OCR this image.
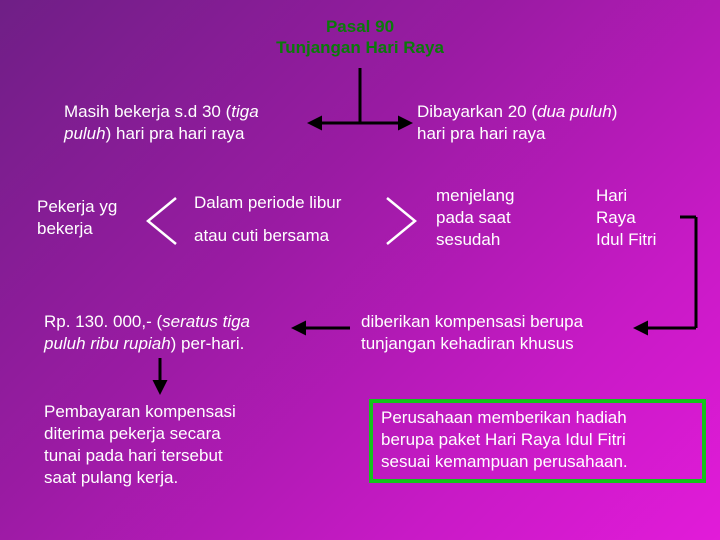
Pasal 90
Tunjangan Hari Raya
Masih bekerja s.d 30 (tiga
puluh) hari pra hari raya
Dibayarkan 20 (dua puluh)
hari pra hari raya
Pekerja yg
bekerja
Dalam periode libur
atau cuti bersama
menjelang
pada saat
sesudah
Hari
Raya
Idul Fitri
Rp. 130. 000,- (seratus tiga
puluh ribu rupiah) per-hari.
diberikan kompensasi berupa
tunjangan kehadiran khusus
Pembayaran kompensasi
diterima pekerja secara
tunai pada hari tersebut
saat pulang kerja.
Perusahaan memberikan hadiah
berupa paket Hari Raya Idul Fitri
sesuai kemampuan perusahaan.
